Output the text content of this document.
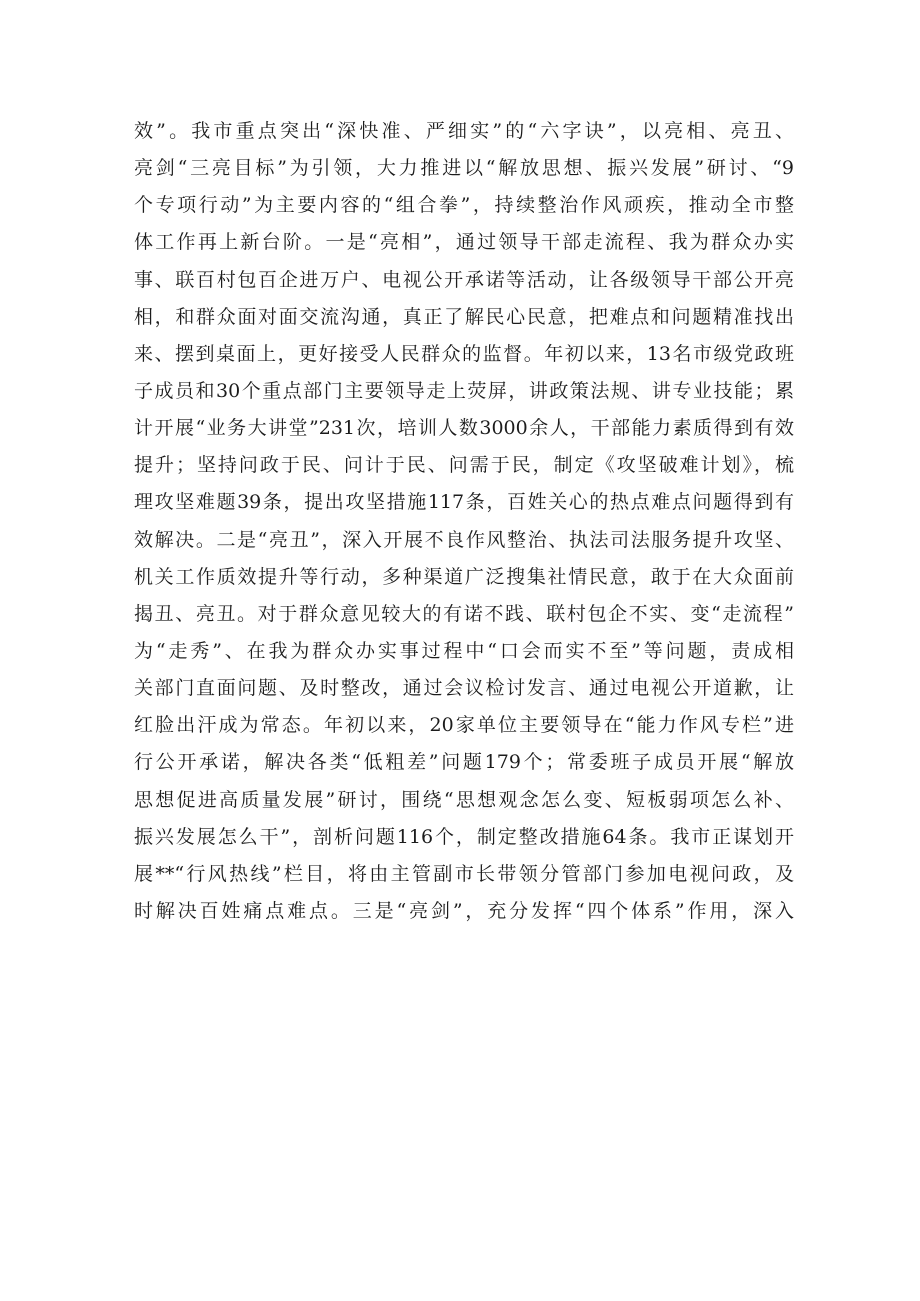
效”。我市重点突出“深快准、严细实”的“六字诀”，以亮相、亮丑、
亮剑“三亮目标”为引领，大力推进以“解放思想、振兴发展”研讨、“9
个专项行动”为主要内容的“组合拳”，持续整治作风顽疾，推动全市整
体工作再上新台阶。一是“亮相”，通过领导干部走流程、我为群众办实
事、联百村包百企进万户、电视公开承诺等活动，让各级领导干部公开亮
相，和群众面对面交流沟通，真正了解民心民意，把难点和问题精准找出
来、摆到桌面上，更好接受人民群众的监督。年初以来，13名市级党政班
子成员和30个重点部门主要领导走上荧屏，讲政策法规、讲专业技能；累
计开展“业务大讲堂”231次，培训人数3000余人，干部能力素质得到有效
提升；坚持问政于民、问计于民、问需于民，制定《攻坚破难计划》，梳
理攻坚难题39条，提出攻坚措施117条，百姓关心的热点难点问题得到有
效解决。二是“亮丑”，深入开展不良作风整治、执法司法服务提升攻坚、
机关工作质效提升等行动，多种渠道广泛搜集社情民意，敢于在大众面前
揭丑、亮丑。对于群众意见较大的有诺不践、联村包企不实、变“走流程”
为“走秀”、在我为群众办实事过程中“口会而实不至”等问题，责成相
关部门直面问题、及时整改，通过会议检讨发言、通过电视公开道歉，让
红脸出汗成为常态。年初以来，20家单位主要领导在“能力作风专栏”进
行公开承诺，解决各类“低粗差”问题179个；常委班子成员开展“解放
思想促进高质量发展”研讨，围绕“思想观念怎么变、短板弱项怎么补、
振兴发展怎么干”，剖析问题116个，制定整改措施64条。我市正谋划开
展**“行风热线”栏目，将由主管副市长带领分管部门参加电视问政，及
时解决百姓痛点难点。三是“亮剑”，充分发挥“四个体系”作用，深入
